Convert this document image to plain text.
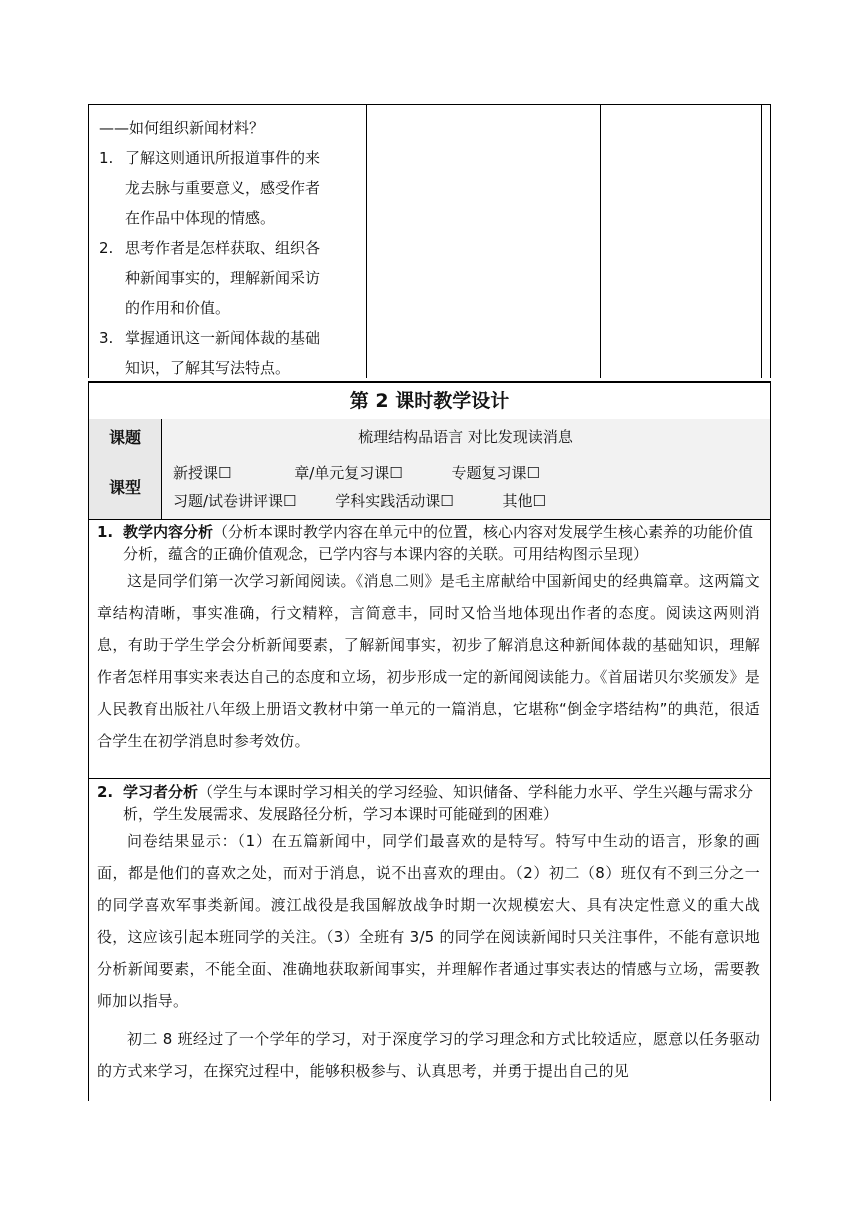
——如何组织新闻材料？
1. 了解这则通讯所报道事件的来
龙去脉与重要意义，感受作者
在作品中体现的情感。
2. 思考作者是怎样获取、组织各
种新闻事实的，理解新闻采访
的作用和价值。
3. 掌握通讯这一新闻体裁的基础
知识，了解其写法特点。
第 2 课时教学设计
课题	梳理结构品语言 对比发现读消息
课型
新授课☐	章/单元复习课☐	专题复习课☐
习题/试卷讲评课☐	学科实践活动课☐	其他☐
1. 教学内容分析（分析本课时教学内容在单元中的位置，核心内容对发展学生核心素养的功能价值分析，蕴含的正确价值观念，已学内容与本课内容的关联。可用结构图示呈现）
这是同学们第一次学习新闻阅读。《消息二则》是毛主席献给中国新闻史的经典篇章。这两篇文章结构清晰，事实准确，行文精粹，言简意丰，同时又恰当地体现出作者的态度。阅读这两则消息，有助于学生学会分析新闻要素，了解新闻事实，初步了解消息这种新闻体裁的基础知识，理解作者怎样用事实来表达自己的态度和立场，初步形成一定的新闻阅读能力。《首届诺贝尔奖颁发》是人民教育出版社八年级上册语文教材中第一单元的一篇消息，它堪称“倒金字塔结构”的典范，很适合学生在初学消息时参考效仿。
2. 学习者分析（学生与本课时学习相关的学习经验、知识储备、学科能力水平、学生兴趣与需求分析，学生发展需求、发展路径分析，学习本课时可能碰到的困难）
问卷结果显示：（1）在五篇新闻中，同学们最喜欢的是特写。特写中生动的语言，形象的画面，都是他们的喜欢之处，而对于消息，说不出喜欢的理由。（2）初二（8）班仅有不到三分之一的同学喜欢军事类新闻。渡江战役是我国解放战争时期一次规模宏大、具有决定性意义的重大战役，这应该引起本班同学的关注。（3）全班有 3/5 的同学在阅读新闻时只关注事件，不能有意识地分析新闻要素，不能全面、准确地获取新闻事实，并理解作者通过事实表达的情感与立场，需要教师加以指导。
初二 8 班经过了一个学年的学习，对于深度学习的学习理念和方式比较适应，愿意以任务驱动的方式来学习，在探究过程中，能够积极参与、认真思考，并勇于提出自己的见
